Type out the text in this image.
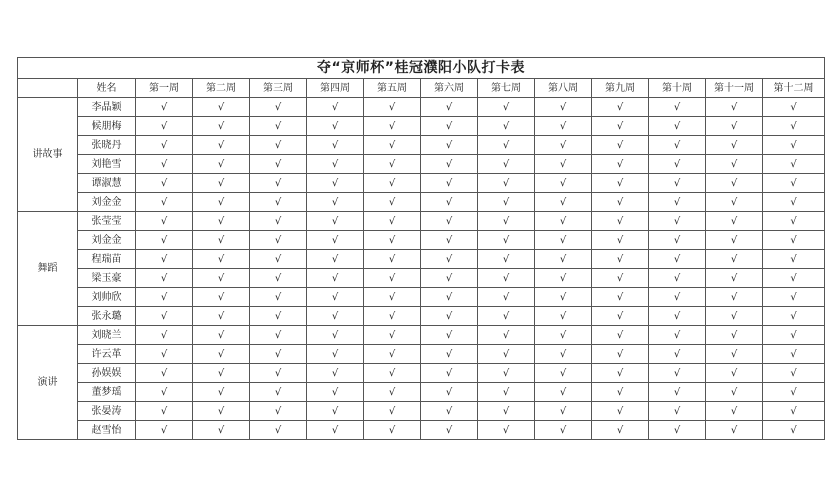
夺“京师杯”桂冠濮阳小队打卡表													
	姓名	第一周	第二周	第三周	第四周	第五周	第六周	第七周	第八周	第九周	第十周	第十一周	第十二周
讲故事	李晶颖	√	√	√	√	√	√	√	√	√	√	√	√
	候朋梅	√	√	√	√	√	√	√	√	√	√	√	√
	张晓丹	√	√	√	√	√	√	√	√	√	√	√	√
	刘艳雪	√	√	√	√	√	√	√	√	√	√	√	√
	谭淑慧	√	√	√	√	√	√	√	√	√	√	√	√
	刘金金	√	√	√	√	√	√	√	√	√	√	√	√
舞蹈	张莹莹	√	√	√	√	√	√	√	√	√	√	√	√
	刘金金	√	√	√	√	√	√	√	√	√	√	√	√
	程瑞苗	√	√	√	√	√	√	√	√	√	√	√	√
	梁玉豪	√	√	√	√	√	√	√	√	√	√	√	√
	刘帅欣	√	√	√	√	√	√	√	√	√	√	√	√
	张永璐	√	√	√	√	√	√	√	√	√	√	√	√
演讲	刘晓兰	√	√	√	√	√	√	√	√	√	√	√	√
	许云革	√	√	√	√	√	√	√	√	√	√	√	√
	孙娱娱	√	√	√	√	√	√	√	√	√	√	√	√
	董梦瑶	√	√	√	√	√	√	√	√	√	√	√	√
	张晏涛	√	√	√	√	√	√	√	√	√	√	√	√
	赵雪怡	√	√	√	√	√	√	√	√	√	√	√	√
